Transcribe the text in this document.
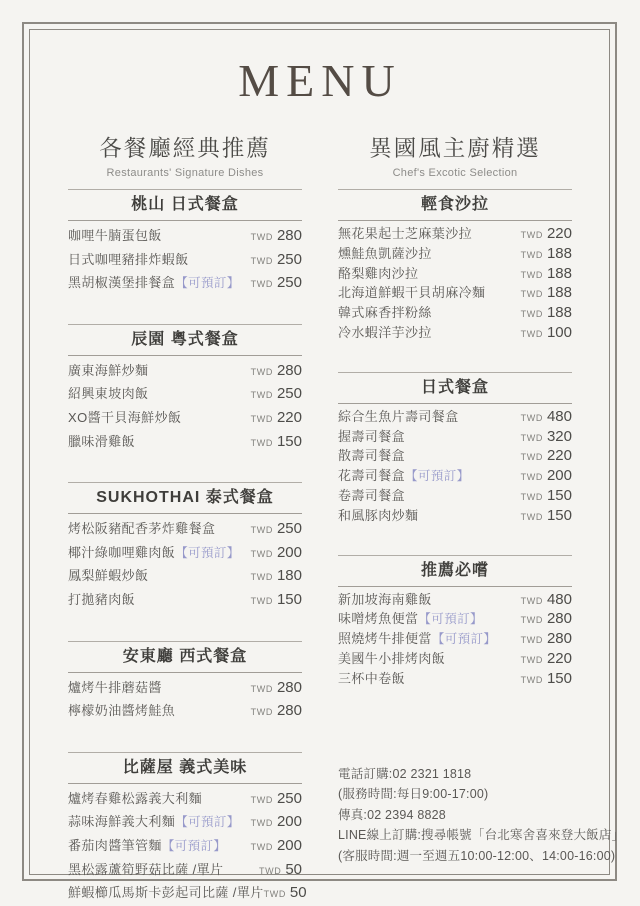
MENU
各餐廳經典推薦
Restaurants' Signature Dishes
桃山 日式餐盒
咖哩牛腩蛋包飯	TWD 280
日式咖哩豬排炸蝦飯	TWD 250
黑胡椒漢堡排餐盒【可預訂】 TWD 250
辰園 粵式餐盒
廣東海鮮炒麵	TWD 280
紹興東坡肉飯	TWD 250
XO醬干貝海鮮炒飯	TWD 220
臘味滑雞飯	TWD 150
SUKHOTHAI 泰式餐盒
烤松阪豬配香茅炸雞餐盒	TWD 250
椰汁綠咖哩雞肉飯【可預訂】 TWD 200
鳳梨鮮蝦炒飯	TWD 180
打拋豬肉飯	TWD 150
安東廳 西式餐盒
爐烤牛排蘑菇醬	TWD 280
檸檬奶油醬烤鮭魚	TWD 280
比薩屋 義式美味
爐烤春雞松露義大利麵	TWD 250
蒜味海鮮義大利麵【可預訂】 TWD 200
番茄肉醬筆管麵【可預訂】	TWD 200
黑松露蘆筍野菇比薩 /單片	TWD 50
鮮蝦櫛瓜馬斯卡彭起司比薩 /單片 TWD 50
異國風主廚精選
Chef's Excotic Selection
輕食沙拉
無花果起士芝麻葉沙拉	TWD 220
燻鮭魚凱薩沙拉	TWD 188
酪梨雞肉沙拉	TWD 188
北海道鮮蝦干貝胡麻冷麵	TWD 188
韓式麻香拌粉絲	TWD 188
冷水蝦洋芋沙拉	TWD 100
日式餐盒
綜合生魚片壽司餐盒	TWD 480
握壽司餐盒	TWD 320
散壽司餐盒	TWD 220
花壽司餐盒【可預訂】	TWD 200
卷壽司餐盒	TWD 150
和風豚肉炒麵	TWD 150
推薦必嚐
新加坡海南雞飯	TWD 480
味噌烤魚便當【可預訂】	TWD 280
照燒烤牛排便當【可預訂】	TWD 280
美國牛小排烤肉飯	TWD 220
三杯中卷飯	TWD 150
電話訂購:02 2321 1818
(服務時間:每日9:00-17:00)
傳真:02 2394 8828
LINE線上訂購:搜尋帳號「台北寒舍喜來登大飯店」
(客服時間:週一至週五10:00-12:00、14:00-16:00)
